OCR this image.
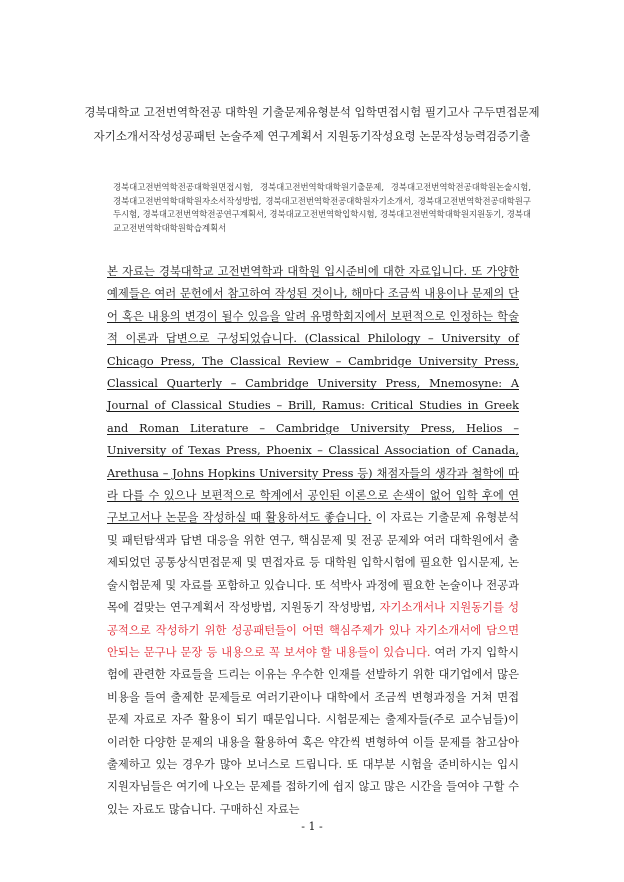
경북대학교 고전번역학전공 대학원 기출문제유형분석 입학면접시험 필기고사 구두면접문제
자기소개서작성성공패턴 논술주제 연구계획서 지원동기작성요령 논문작성능력검증기출
경북대고전번역학전공대학원면접시험, 경북대고전번역학대학원기출문제, 경북대고전번역학전공대학원논술시험, 경북대고전번역학대학원자소서작성방법, 경북대고전번역학전공대학원자기소개서, 경북대고전번역학전공대학원구두시험, 경북대고전번역학전공연구계획서, 경북대교고전번역학입학시험, 경북대고전번역학대학원지원동기, 경북대교고전번역학대학원학습계획서
본 자료는 경북대학교 고전번역학과 대학원 입시준비에 대한 자료입니다. 또 가양한 예제들은 여러 문헌에서 참고하여 작성된 것이나, 해마다 조금씩 내용이나 문제의 단어 혹은 내용의 변경이 될수 있음을 알려 유명학회지에서 보편적으로 인정하는 학술적 이론과 답변으로 구성되었습니다. (Classical Philology – University of Chicago Press, The Classical Review – Cambridge University Press, Classical Quarterly – Cambridge University Press, Mnemosyne: A Journal of Classical Studies – Brill, Ramus: Critical Studies in Greek and Roman Literature – Cambridge University Press, Helios – University of Texas Press, Phoenix – Classical Association of Canada, Arethusa – Johns Hopkins University Press 등) 채점자들의 생각과 철학에 따라 다를 수 있으나 보편적으로 학계에서 공인된 이론으로 손색이 없어 입학 후에 연구보고서나 논문을 작성하실 때 활용하셔도 좋습니다. 이 자료는 기출문제 유형분석 및 패턴탐색과 답변 대응을 위한 연구, 핵심문제 및 전공 문제와 여러 대학원에서 출제되었던 공통상식면접문제 및 면접자료 등 대학원 입학시험에 필요한 입시문제, 논술시험문제 및 자료를 포함하고 있습니다. 또 석박사 과정에 필요한 논술이나 전공과목에 걸맞는 연구계획서 작성방법, 지원동기 작성방법, 자기소개서나 지원동기를 성공적으로 작성하기 위한 성공패턴들이 어떤 핵심주제가 있나 자기소개서에 담으면 안되는 문구나 문장 등 내용으로 꼭 보셔야 할 내용들이 있습니다. 여러 가지 입학시험에 관련한 자료들을 드리는 이유는 우수한 인재를 선발하기 위한 대기업에서 많은 비용을 들여 출제한 문제들로 여러기관이나 대학에서 조금씩 변형과정을 거쳐 면접문제 자료로 자주 활용이 되기 때문입니다. 시험문제는 출제자들(주로 교수님들)이 이러한 다양한 문제의 내용을 활용하여 혹은 약간씩 변형하여 이들 문제를 참고삼아 출제하고 있는 경우가 많아 보너스로 드립니다. 또 대부분 시험을 준비하시는 입시 지원자님들은 여기에 나오는 문제를 접하기에 쉽지 않고 많은 시간을 들여야 구할 수 있는 자료도 많습니다. 구매하신 자료는
- 1 -
